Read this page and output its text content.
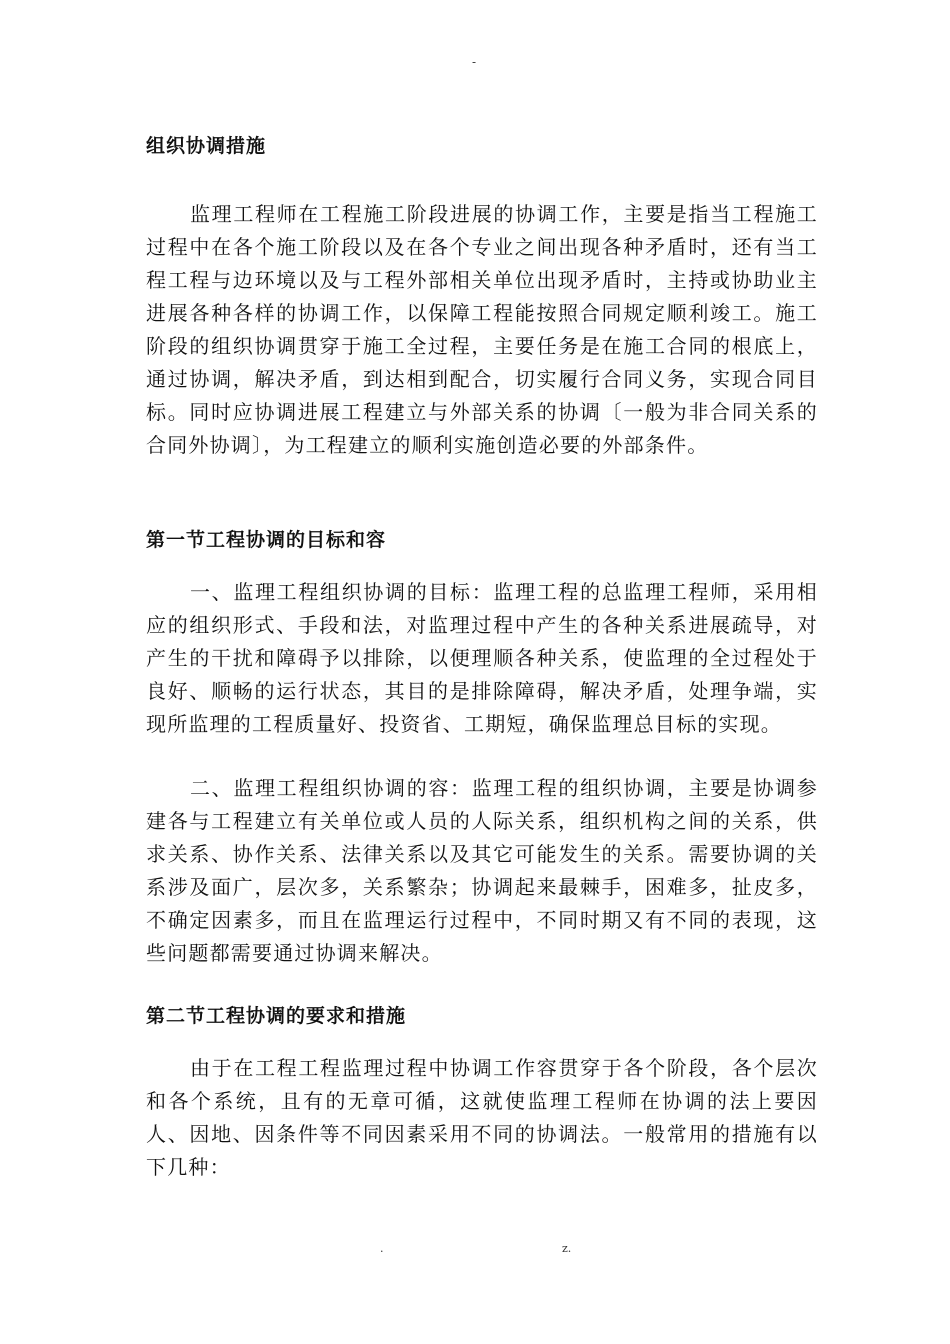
-
组织协调措施

监理工程师在工程施工阶段进展的协调工作，主要是指当工程施工过程中在各个施工阶段以及在各个专业之间出现各种矛盾时，还有当工程工程与边环境以及与工程外部相关单位出现矛盾时，主持或协助业主进展各种各样的协调工作，以保障工程能按照合同规定顺利竣工。施工阶段的组织协调贯穿于施工全过程，主要任务是在施工合同的根底上，通过协调，解决矛盾，到达相到配合，切实履行合同义务，实现合同目标。同时应协调进展工程建立与外部关系的协调〔一般为非合同关系的合同外协调〕，为工程建立的顺利实施创造必要的外部条件。

第一节工程协调的目标和容

一、监理工程组织协调的目标：监理工程的总监理工程师，采用相应的组织形式、手段和法，对监理过程中产生的各种关系进展疏导，对产生的干扰和障碍予以排除，以便理顺各种关系，使监理的全过程处于良好、顺畅的运行状态，其目的是排除障碍，解决矛盾，处理争端，实现所监理的工程质量好、投资省、工期短，确保监理总目标的实现。

二、监理工程组织协调的容：监理工程的组织协调，主要是协调参建各与工程建立有关单位或人员的人际关系，组织机构之间的关系，供求关系、协作关系、法律关系以及其它可能发生的关系。需要协调的关系涉及面广，层次多，关系繁杂；协调起来最棘手，困难多，扯皮多，不确定因素多，而且在监理运行过程中，不同时期又有不同的表现，这些问题都需要通过协调来解决。

第二节工程协调的要求和措施

由于在工程工程监理过程中协调工作容贯穿于各个阶段，各个层次和各个系统，且有的无章可循，这就使监理工程师在协调的法上要因人、因地、因条件等不同因素采用不同的协调法。一般常用的措施有以下几种：

.	z.
